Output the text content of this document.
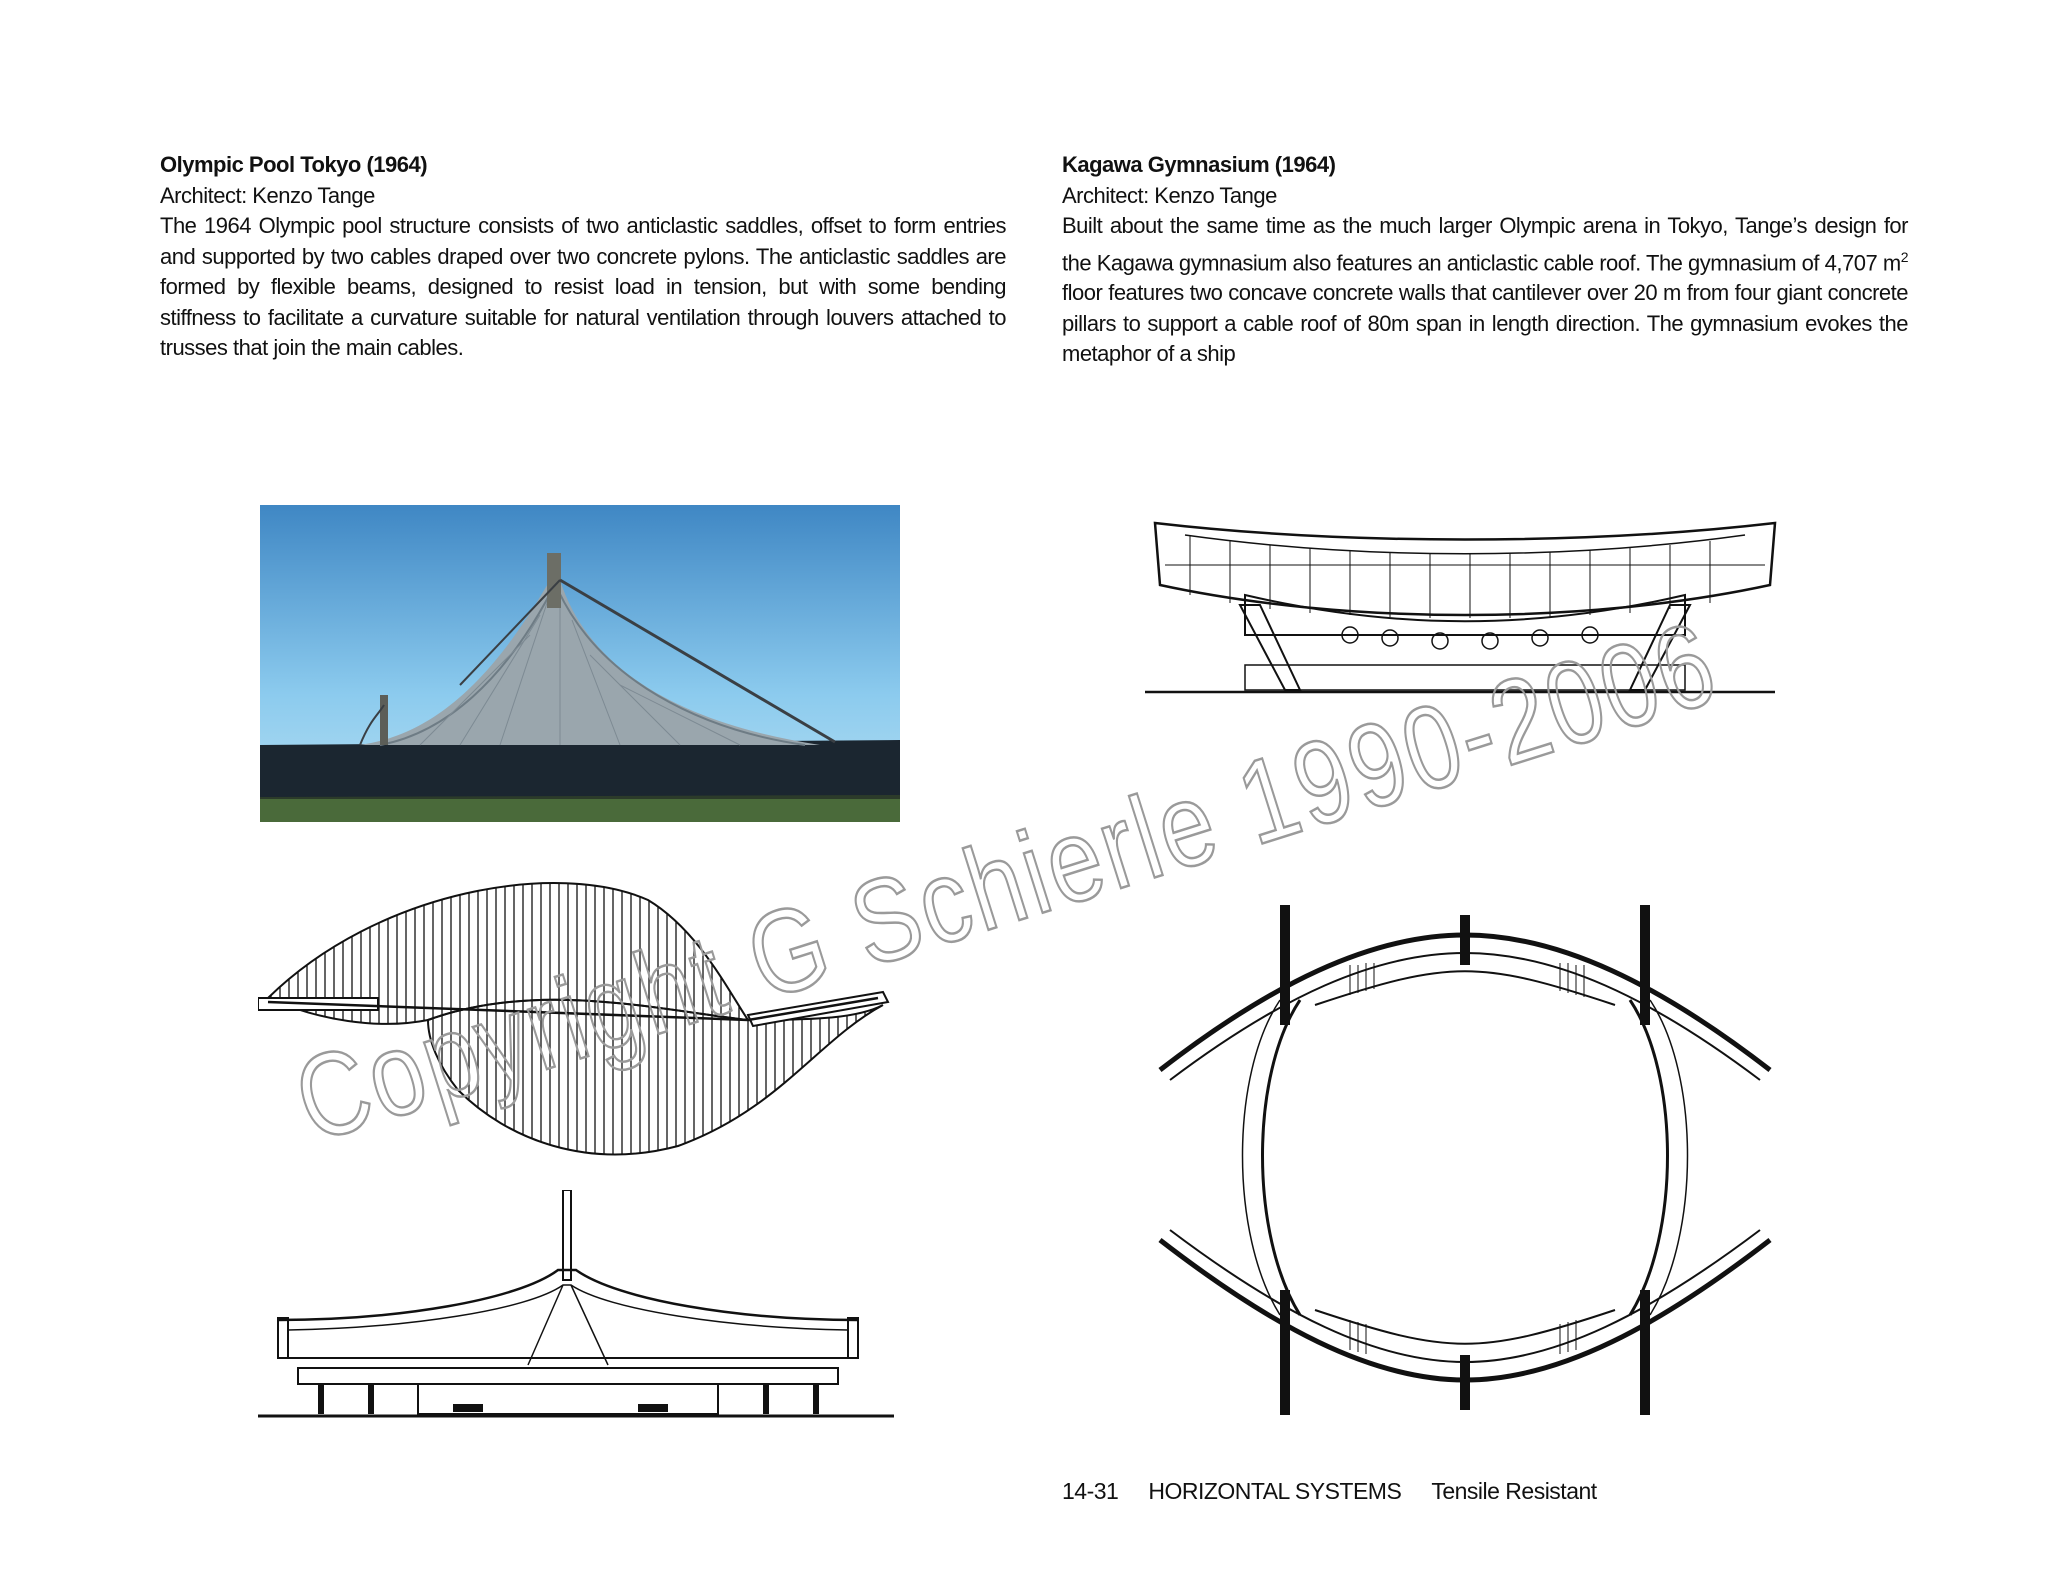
Olympic Pool Tokyo (1964)
Architect: Kenzo Tange
The 1964 Olympic pool structure consists of two anticlastic saddles, offset to form entries and supported by two cables draped over two concrete pylons. The anticlastic saddles are formed by flexible beams, designed to resist load in tension, but with some bending stiffness to facilitate a curvature suitable for natural ventilation through louvers attached to trusses that join the main cables.
Kagawa Gymnasium (1964)
Architect: Kenzo Tange
Built about the same time as the much larger Olympic arena in Tokyo, Tange’s design for the Kagawa gymnasium also features an anticlastic cable roof. The gymnasium of 4,707 $m^2$ floor features two concave concrete walls that cantilever over 20 m from four giant concrete pillars to support a cable roof of 80m span in length direction. The gymnasium evokes the metaphor of a ship
Copyright G Schierle 1990-2006
14-31 HORIZONTAL SYSTEMS Tensile Resistant
